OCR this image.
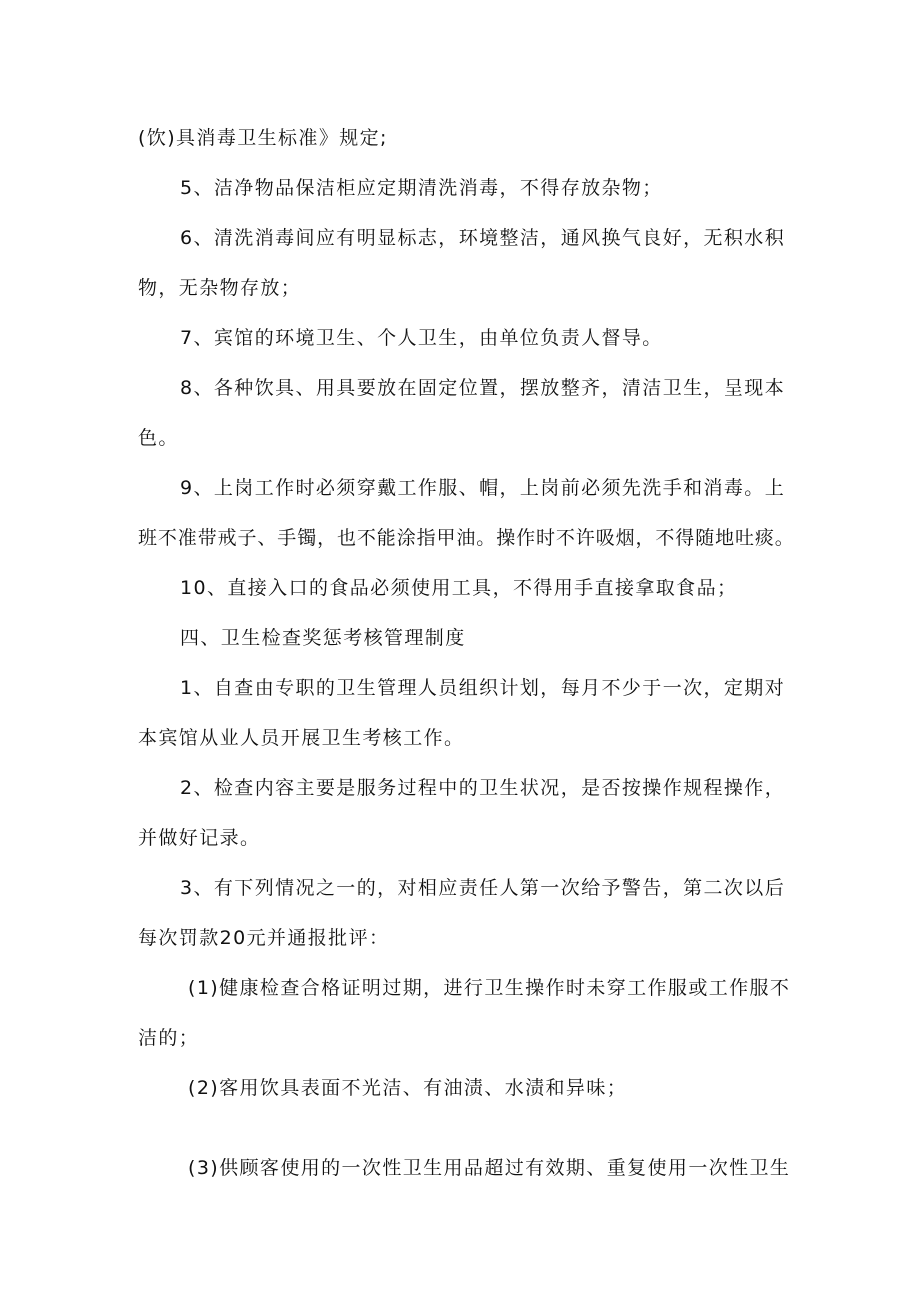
(饮)具消毒卫生标准》规定;
5、洁净物品保洁柜应定期清洗消毒，不得存放杂物；
6、清洗消毒间应有明显标志，环境整洁，通风换气良好，无积水积
物，无杂物存放；
7、宾馆的环境卫生、个人卫生，由单位负责人督导。
8、各种饮具、用具要放在固定位置，摆放整齐，清洁卫生，呈现本
色。
9、上岗工作时必须穿戴工作服、帽，上岗前必须先洗手和消毒。上
班不准带戒子、手镯，也不能涂指甲油。操作时不许吸烟，不得随地吐痰。
10、直接入口的食品必须使用工具，不得用手直接拿取食品；
四、卫生检查奖惩考核管理制度
1、自查由专职的卫生管理人员组织计划，每月不少于一次，定期对
本宾馆从业人员开展卫生考核工作。
2、检查内容主要是服务过程中的卫生状况，是否按操作规程操作，
并做好记录。
3、有下列情况之一的，对相应责任人第一次给予警告，第二次以后
每次罚款20元并通报批评：
(1)健康检查合格证明过期，进行卫生操作时未穿工作服或工作服不
洁的；
(2)客用饮具表面不光洁、有油渍、水渍和异味；
(3)供顾客使用的一次性卫生用品超过有效期、重复使用一次性卫生
